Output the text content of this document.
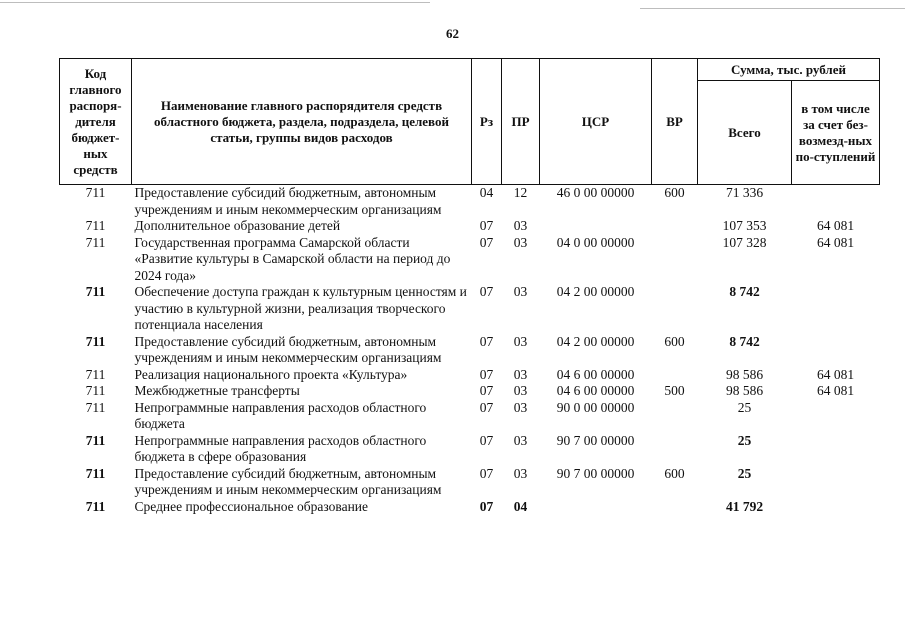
62
Код главного распоря-дителя бюджет-ных средств	Наименование главного распорядителя средств областного бюджета, раздела, подраздела, целевой статьи, группы видов расходов	Рз	ПР	ЦСР	ВР	Сумма, тыс. рублей	
						Всего	в том числе за счет без-возмезд-ных по-ступлений
711	Предоставление субсидий бюджетным, автономным учреждениям и иным некоммерческим организациям	04	12	46 0 00 00000	600	71 336	
711	Дополнительное образование детей	07	03			107 353	64 081
711	Государственная программа Самарской области «Развитие культуры в Самарской области на период до 2024 года»	07	03	04 0 00 00000		107 328	64 081
711	Обеспечение доступа граждан к культурным ценностям и участию в культурной жизни, реализация творческого потенциала населения	07	03	04 2 00 00000		8 742	
711	Предоставление субсидий бюджетным, автономным учреждениям и иным некоммерческим организациям	07	03	04 2 00 00000	600	8 742	
711	Реализация национального проекта «Культура»	07	03	04 6 00 00000		98 586	64 081
711	Межбюджетные трансферты	07	03	04 6 00 00000	500	98 586	64 081
711	Непрограммные направления расходов областного бюджета	07	03	90 0 00 00000		25	
711	Непрограммные направления расходов областного бюджета в сфере образования	07	03	90 7 00 00000		25	
711	Предоставление субсидий бюджетным, автономным учреждениям и иным некоммерческим организациям	07	03	90 7 00 00000	600	25	
711	Среднее профессиональное образование	07	04			41 792	
